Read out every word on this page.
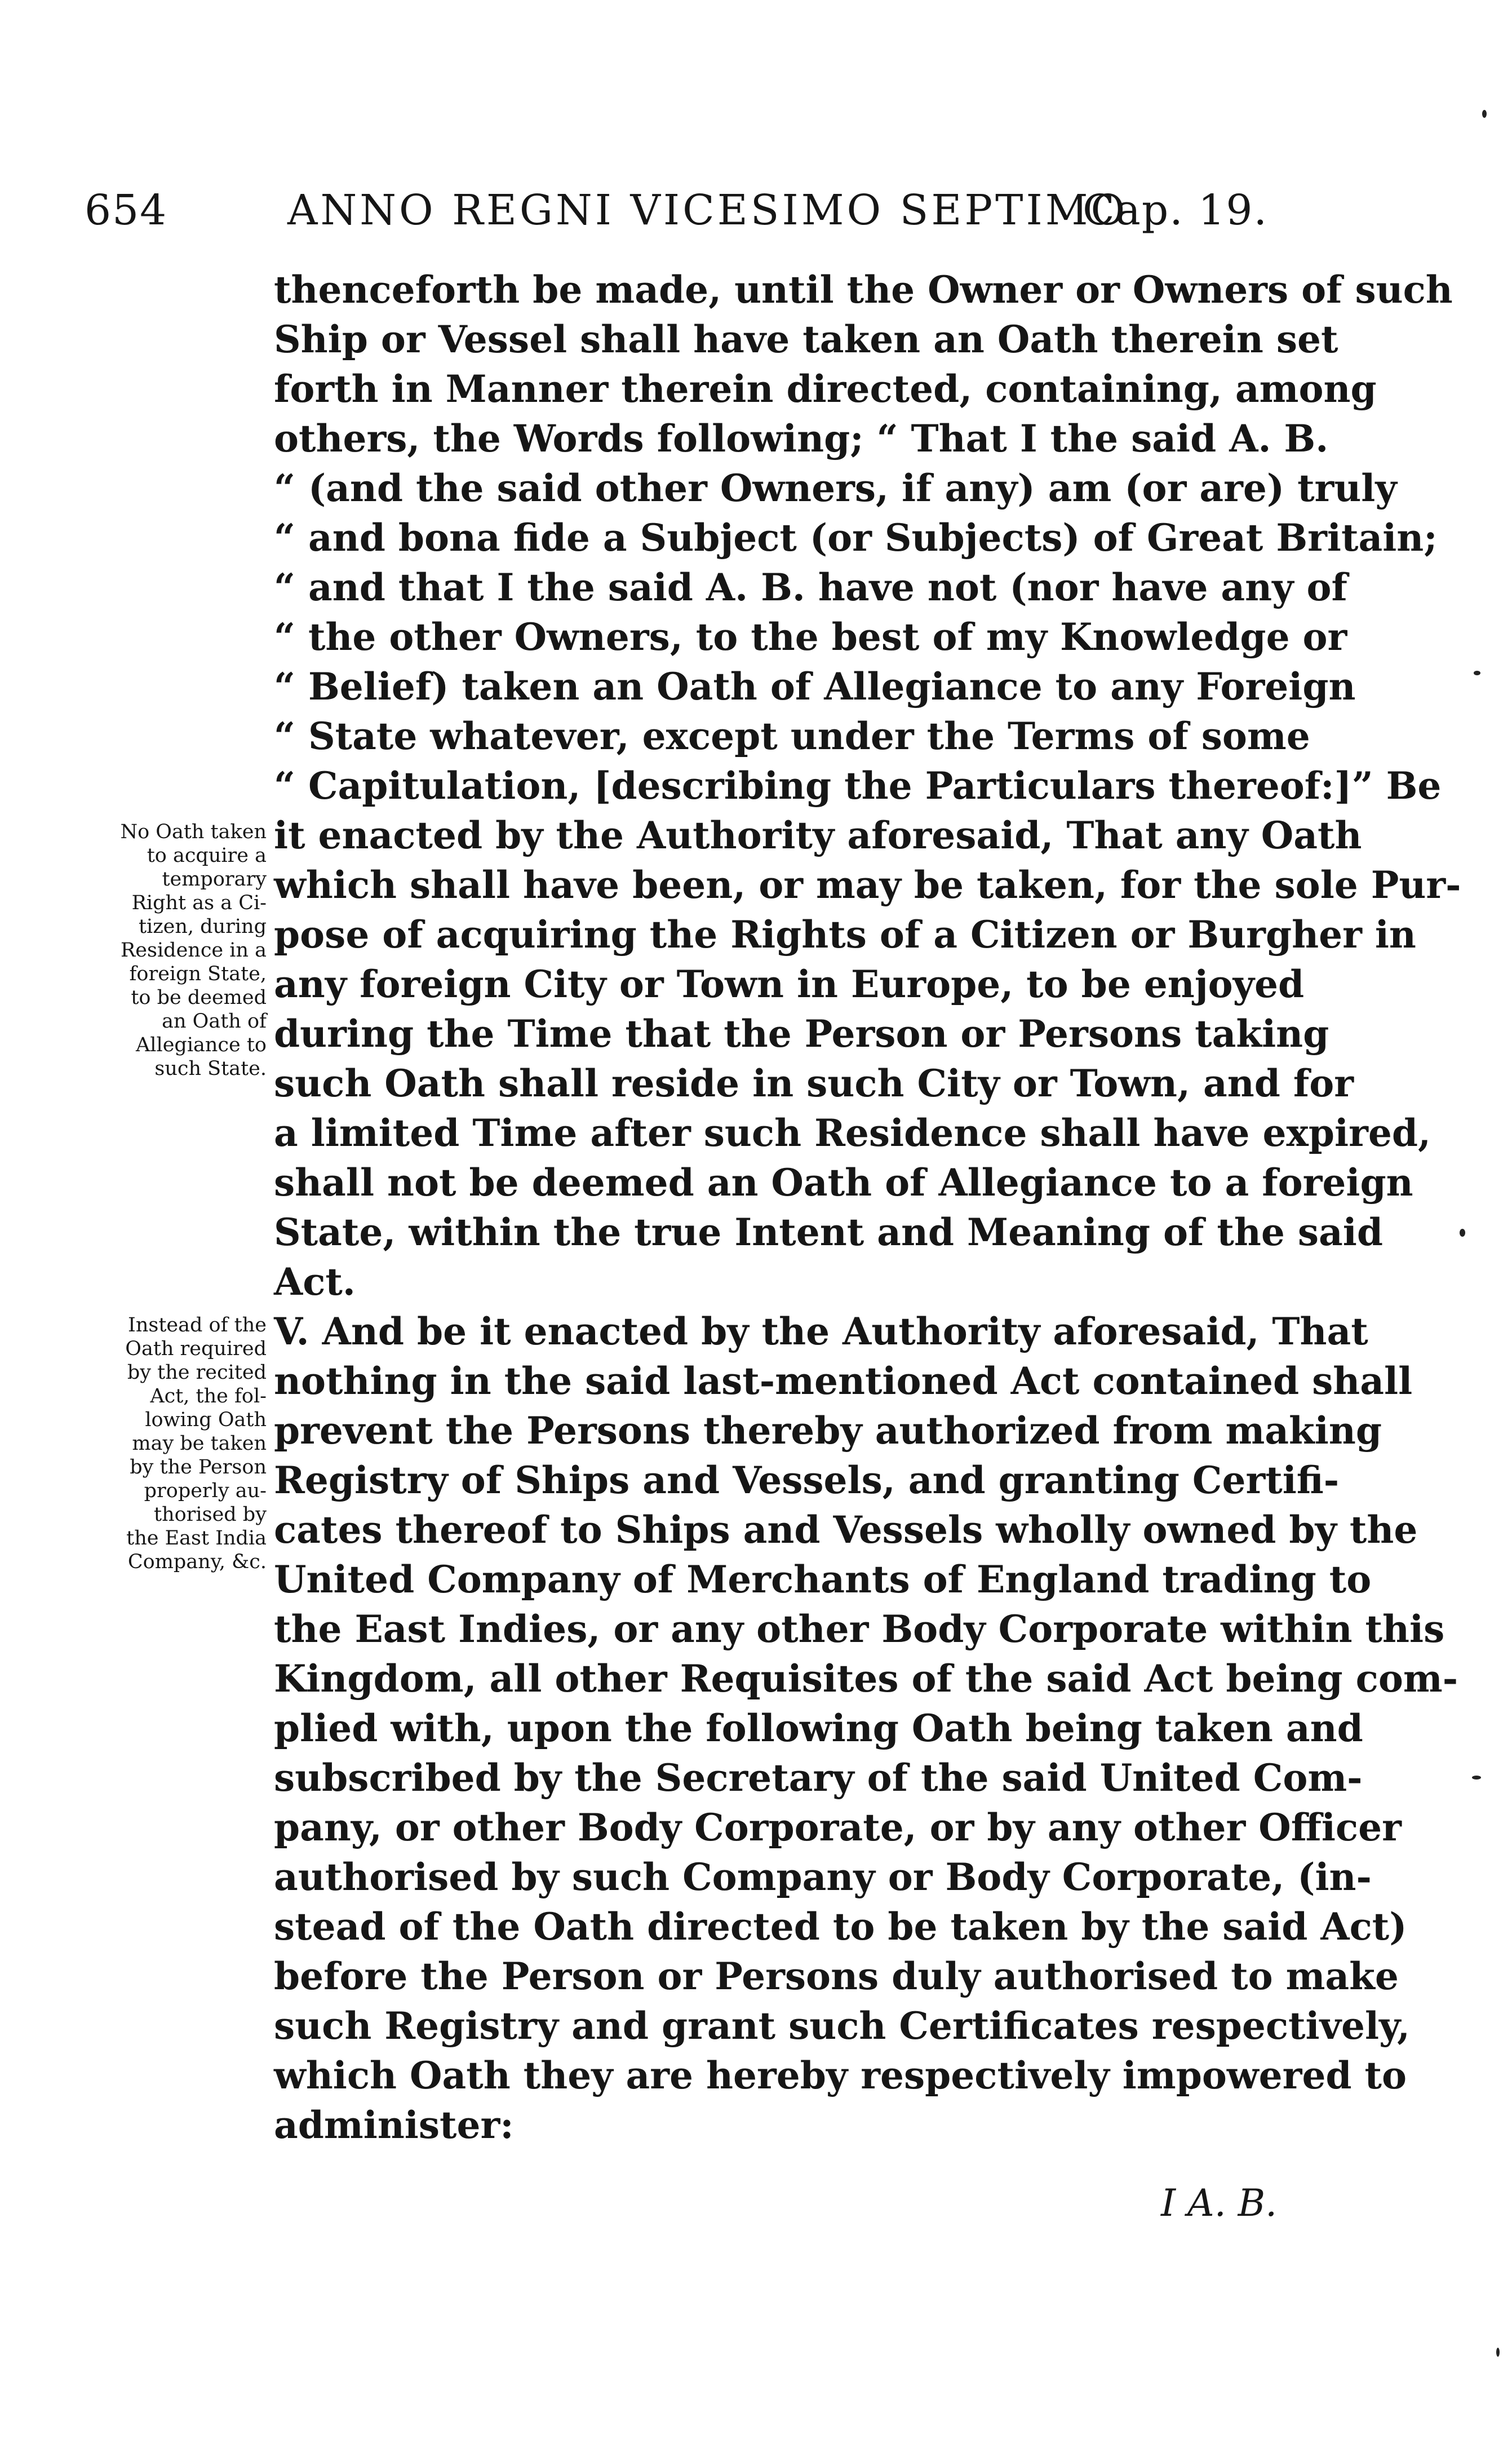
654	ANNO REGNI VICESIMO SEPTIMO
Cap. 19.
thenceforth be made, until the Owner or Owners of such
Ship or Vessel shall have taken an Oath therein set
forth in Manner therein directed, containing, among
others, the Words following; “ That I the said A. B.
“ (and the said other Owners, if any) am (or are) truly
“ and bona fide a Subject (or Subjects) of Great Britain;
“ and that I the said A. B. have not (nor have any of
“ the other Owners, to the best of my Knowledge or
“ Belief) taken an Oath of Allegiance to any Foreign
“ State whatever, except under the Terms of some
“ Capitulation, [describing the Particulars thereof:]” Be
it enacted by the Authority aforesaid, That any Oath
which shall have been, or may be taken, for the sole Pur-
pose of acquiring the Rights of a Citizen or Burgher in
any foreign City or Town in Europe, to be enjoyed
during the Time that the Person or Persons taking
such Oath shall reside in such City or Town, and for
a limited Time after such Residence shall have expired,
shall not be deemed an Oath of Allegiance to a foreign
State, within the true Intent and Meaning of the said
Act.
V. And be it enacted by the Authority aforesaid, That
nothing in the said last-mentioned Act contained shall
prevent the Persons thereby authorized from making
Registry of Ships and Vessels, and granting Certifi-
cates thereof to Ships and Vessels wholly owned by the
United Company of Merchants of England trading to
the East Indies, or any other Body Corporate within this
Kingdom, all other Requisites of the said Act being com-
plied with, upon the following Oath being taken and
subscribed by the Secretary of the said United Com-
pany, or other Body Corporate, or by any other Officer
authorised by such Company or Body Corporate, (in-
stead of the Oath directed to be taken by the said Act)
before the Person or Persons duly authorised to make
such Registry and grant such Certificates respectively,
which Oath they are hereby respectively impowered to
administer:
No Oath taken
to acquire a
temporary
Right as a Ci-
tizen, during
Residence in a
foreign State,
to be deemed
an Oath of
Allegiance to
such State.
Instead of the
Oath required
by the recited
Act, the fol-
lowing Oath
may be taken
by the Person
properly au-
thorised by
the East India
Company, &c.
I A. B.
